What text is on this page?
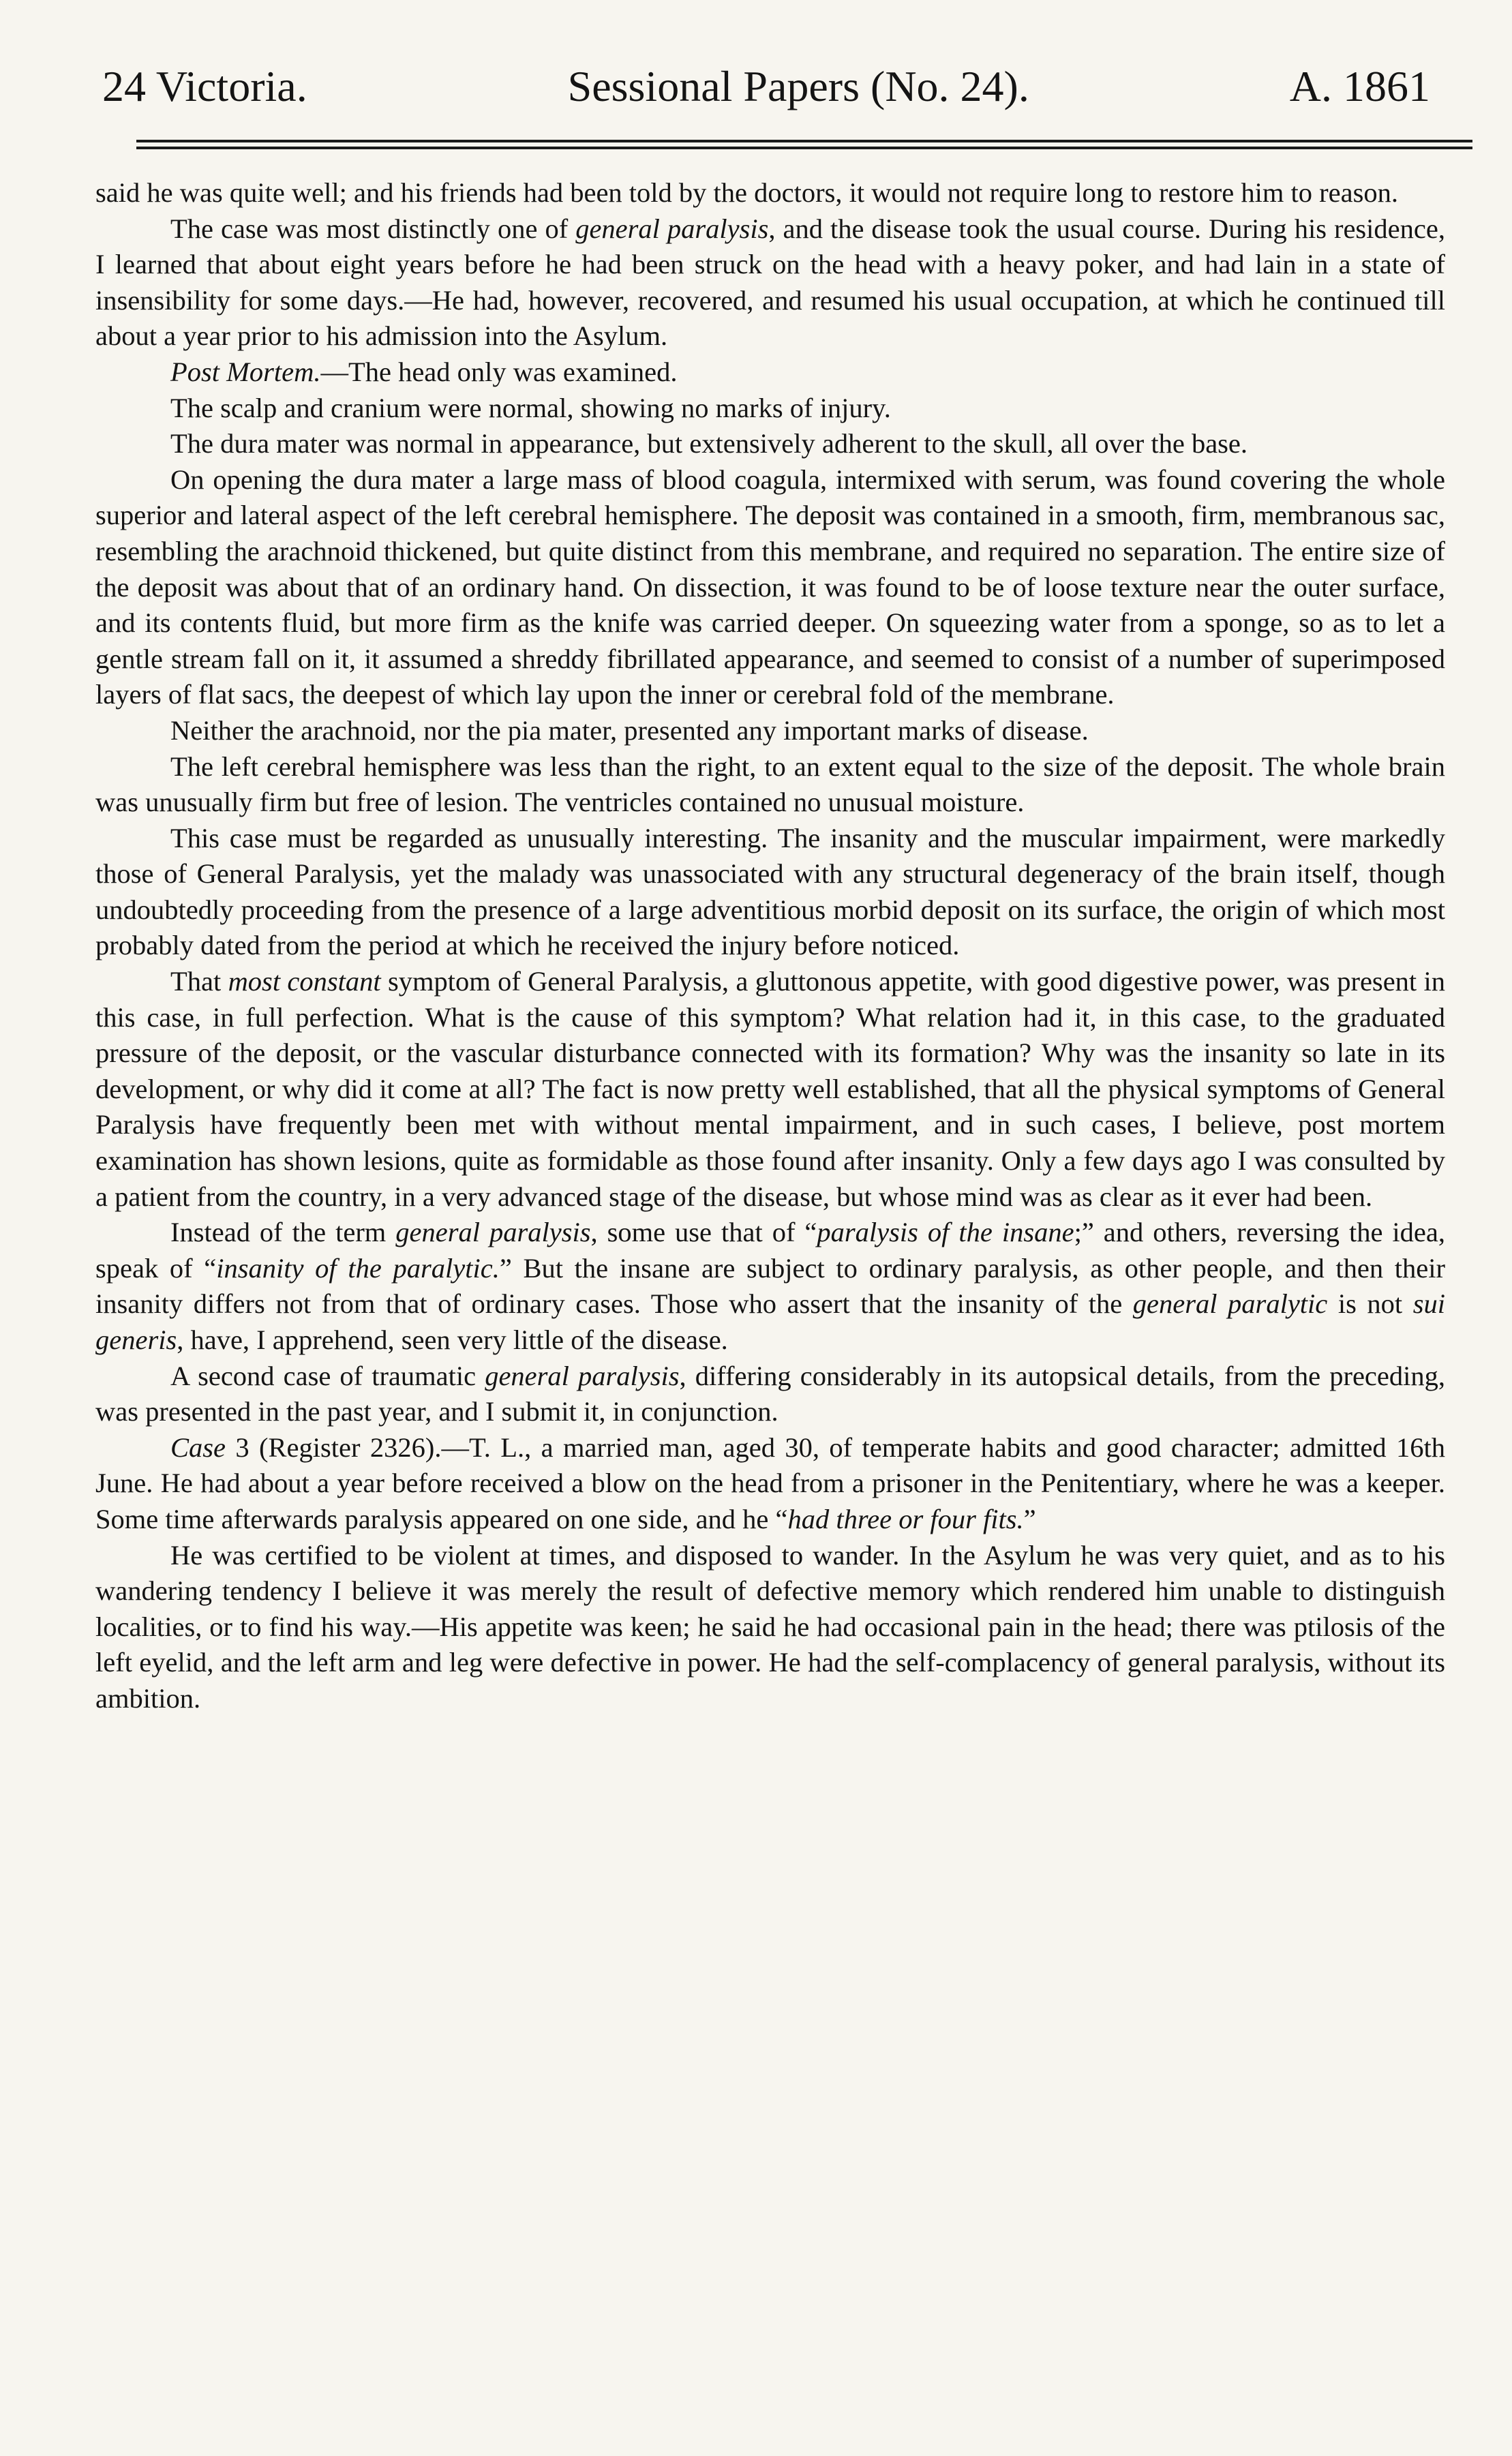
24 Victoria.	Sessional Papers (No. 24).	A. 1861

said he was quite well; and his friends had been told by the doctors, it would not require long to restore him to reason.

The case was most distinctly one of general paralysis, and the disease took the usual course. During his residence, I learned that about eight years before he had been struck on the head with a heavy poker, and had lain in a state of insensibility for some days.—He had, however, recovered, and resumed his usual occupation, at which he continued till about a year prior to his admission into the Asylum.

Post Mortem.—The head only was examined.

The scalp and cranium were normal, showing no marks of injury.

The dura mater was normal in appearance, but extensively adherent to the skull, all over the base.

On opening the dura mater a large mass of blood coagula, intermixed with serum, was found covering the whole superior and lateral aspect of the left cerebral hemisphere. The deposit was contained in a smooth, firm, membranous sac, resembling the arachnoid thickened, but quite distinct from this membrane, and required no separation. The entire size of the deposit was about that of an ordinary hand. On dissection, it was found to be of loose texture near the outer surface, and its contents fluid, but more firm as the knife was carried deeper. On squeezing water from a sponge, so as to let a gentle stream fall on it, it assumed a shreddy fibrillated appearance, and seemed to consist of a number of superimposed layers of flat sacs, the deepest of which lay upon the inner or cerebral fold of the membrane.

Neither the arachnoid, nor the pia mater, presented any important marks of disease.

The left cerebral hemisphere was less than the right, to an extent equal to the size of the deposit. The whole brain was unusually firm but free of lesion. The ventricles contained no unusual moisture.

This case must be regarded as unusually interesting. The insanity and the muscular impairment, were markedly those of General Paralysis, yet the malady was unassociated with any structural degeneracy of the brain itself, though undoubtedly proceeding from the presence of a large adventitious morbid deposit on its surface, the origin of which most probably dated from the period at which he received the injury before noticed.

That most constant symptom of General Paralysis, a gluttonous appetite, with good digestive power, was present in this case, in full perfection. What is the cause of this symptom? What relation had it, in this case, to the graduated pressure of the deposit, or the vascular disturbance connected with its formation? Why was the insanity so late in its development, or why did it come at all? The fact is now pretty well established, that all the physical symptoms of General Paralysis have frequently been met with without mental impairment, and in such cases, I believe, post mortem examination has shown lesions, quite as formidable as those found after insanity. Only a few days ago I was consulted by a patient from the country, in a very advanced stage of the disease, but whose mind was as clear as it ever had been.

Instead of the term general paralysis, some use that of “paralysis of the insane;” and others, reversing the idea, speak of “insanity of the paralytic.” But the insane are subject to ordinary paralysis, as other people, and then their insanity differs not from that of ordinary cases. Those who assert that the insanity of the general paralytic is not sui generis, have, I apprehend, seen very little of the disease.

A second case of traumatic general paralysis, differing considerably in its autopsical details, from the preceding, was presented in the past year, and I submit it, in conjunction.

Case 3 (Register 2326).—T. L., a married man, aged 30, of temperate habits and good character; admitted 16th June. He had about a year before received a blow on the head from a prisoner in the Penitentiary, where he was a keeper. Some time afterwards paralysis appeared on one side, and he “had three or four fits.”

He was certified to be violent at times, and disposed to wander. In the Asylum he was very quiet, and as to his wandering tendency I believe it was merely the result of defective memory which rendered him unable to distinguish localities, or to find his way.—His appetite was keen; he said he had occasional pain in the head; there was ptilosis of the left eyelid, and the left arm and leg were defective in power. He had the self-complacency of general paralysis, without its ambition.
